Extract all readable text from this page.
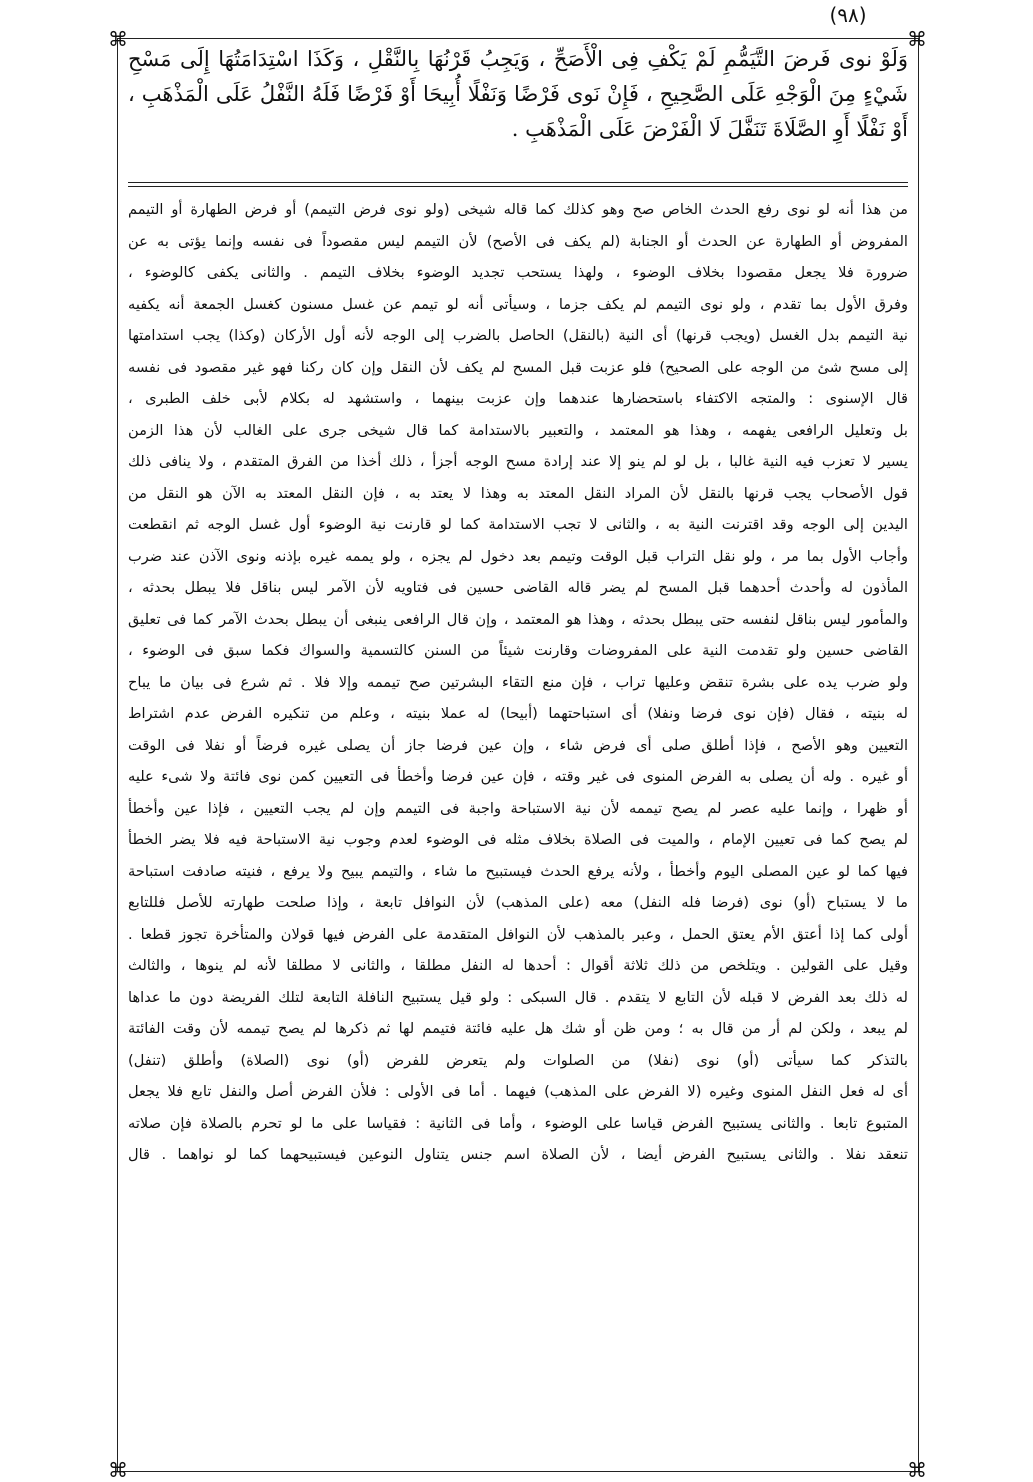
(٩٨)
⌘	⌘
⌘	⌘
وَلَوْ نوى فَرضَ التَّيَمُّمِ لَمْ يَكْفِ فِى الْأَصَحِّ ، وَيَجِبُ قَرْنُهَا بِالنَّقْلِ ، وَكَذَا اسْتِدَامَتُهَا إِلَى مَسْحِ شَيْءٍ مِنَ الْوَجْهِ عَلَى الصَّحِيحِ ، فَإِنْ نَوى فَرْضًا وَنَفْلًا أُبِيحَا أَوْ فَرْضًا فَلَهُ النَّفْلُ عَلَى الْمَذْهَبِ ، أَوْ نَفْلًا أَوِ الصَّلَاةَ تَنَفَّلَ لَا الْفَرْضَ عَلَى الْمَذْهَبِ .
من هذا أنه لو نوى رفع الحدث الخاص صح وهو كذلك كما قاله شيخى (ولو نوى فرض التيمم) أو فرض الطهارة أو التيمم
المفروض أو الطهارة عن الحدث أو الجنابة (لم يكف فى الأصح) لأن التيمم ليس مقصوداً فى نفسه وإنما يؤتى به عن
ضرورة فلا يجعل مقصودا بخلاف الوضوء ، ولهذا يستحب تجديد الوضوء بخلاف التيمم . والثانى يكفى كالوضوء ،
وفرق الأول بما تقدم ، ولو نوى التيمم لم يكف جزما ، وسيأتى أنه لو تيمم عن غسل مسنون كغسل الجمعة أنه يكفيه
نية التيمم بدل الغسل (ويجب قرنها) أى النية (بالنقل) الحاصل بالضرب إلى الوجه لأنه أول الأركان (وكذا) يجب استدامتها
إلى مسح شئ من الوجه على الصحيح) فلو عزبت قبل المسح لم يكف لأن النقل وإن كان ركنا فهو غير مقصود فى نفسه
قال الإسنوى : والمتجه الاكتفاء باستحضارها عندهما وإن عزبت بينهما ، واستشهد له بكلام لأبى خلف الطبرى ،
بل وتعليل الرافعى يفهمه ، وهذا هو المعتمد ، والتعبير بالاستدامة كما قال شيخى جرى على الغالب لأن هذا الزمن
يسير لا تعزب فيه النية غالبا ، بل لو لم ينو إلا عند إرادة مسح الوجه أجزأ ، ذلك أخذا من الفرق المتقدم ، ولا ينافى ذلك
قول الأصحاب يجب قرنها بالنقل لأن المراد النقل المعتد به وهذا لا يعتد به ، فإن النقل المعتد به الآن هو النقل من
اليدين إلى الوجه وقد اقترنت النية به ، والثانى لا تجب الاستدامة كما لو قارنت نية الوضوء أول غسل الوجه ثم انقطعت
وأجاب الأول بما مر ، ولو نقل التراب قبل الوقت وتيمم بعد دخول لم يجزه ، ولو يممه غيره بإذنه ونوى الآذن عند ضرب
المأذون له وأحدث أحدهما قبل المسح لم يضر قاله القاضى حسين فى فتاويه لأن الآمر ليس بناقل فلا يبطل بحدثه ،
والمأمور ليس بناقل لنفسه حتى يبطل بحدثه ، وهذا هو المعتمد ، وإن قال الرافعى ينبغى أن يبطل بحدث الآمر كما فى تعليق
القاضى حسين ولو تقدمت النية على المفروضات وقارنت شيئاً من السنن كالتسمية والسواك فكما سبق فى الوضوء ،
ولو ضرب يده على بشرة تنقض وعليها تراب ، فإن منع التقاء البشرتين صح تيممه وإلا فلا . ثم شرع فى بيان ما يباح
له بنيته ، فقال (فإن نوى فرضا ونفلا) أى استباحتهما (أبيحا) له عملا بنيته ، وعلم من تنكيره الفرض عدم اشتراط
التعيين وهو الأصح ، فإذا أطلق صلى أى فرض شاء ، وإن عين فرضا جاز أن يصلى غيره فرضاً أو نفلا فى الوقت
أو غيره . وله أن يصلى به الفرض المنوى فى غير وقته ، فإن عين فرضا وأخطأ فى التعيين كمن نوى فائتة ولا شىء عليه
أو ظهرا ، وإنما عليه عصر لم يصح تيممه لأن نية الاستباحة واجبة فى التيمم وإن لم يجب التعيين ، فإذا عين وأخطأ
لم يصح كما فى تعيين الإمام ، والميت فى الصلاة بخلاف مثله فى الوضوء لعدم وجوب نية الاستباحة فيه فلا يضر الخطأ
فيها كما لو عين المصلى اليوم وأخطأ ، ولأنه يرفع الحدث فيستبيح ما شاء ، والتيمم يبيح ولا يرفع ، فنيته صادفت استباحة
ما لا يستباح (أو) نوى (فرضا فله النفل) معه (على المذهب) لأن النوافل تابعة ، وإذا صلحت طهارته للأصل فللتابع
أولى كما إذا أعتق الأم يعتق الحمل ، وعبر بالمذهب لأن النوافل المتقدمة على الفرض فيها قولان والمتأخرة تجوز قطعا .
وقيل على القولين . ويتلخص من ذلك ثلاثة أقوال : أحدها له النفل مطلقا ، والثانى لا مطلقا لأنه لم ينوها ، والثالث
له ذلك بعد الفرض لا قبله لأن التابع لا يتقدم . قال السبكى : ولو قيل يستبيح النافلة التابعة لتلك الفريضة دون ما عداها
لم يبعد ، ولكن لم أر من قال به ؛ ومن ظن أو شك هل عليه فائتة فتيمم لها ثم ذكرها لم يصح تيممه لأن وقت الفائتة
بالتذكر كما سيأتى (أو) نوى (نفلا) من الصلوات ولم يتعرض للفرض (أو) نوى (الصلاة) وأطلق (تنفل)
أى له فعل النفل المنوى وغيره (لا الفرض على المذهب) فيهما . أما فى الأولى : فلأن الفرض أصل والنفل تابع فلا يجعل
المتبوع تابعا . والثانى يستبيح الفرض قياسا على الوضوء ، وأما فى الثانية : فقياسا على ما لو تحرم بالصلاة فإن صلاته
تنعقد نفلا . والثانى يستبيح الفرض أيضا ، لأن الصلاة اسم جنس يتناول النوعين فيستبيحهما كما لو نواهما . قال
